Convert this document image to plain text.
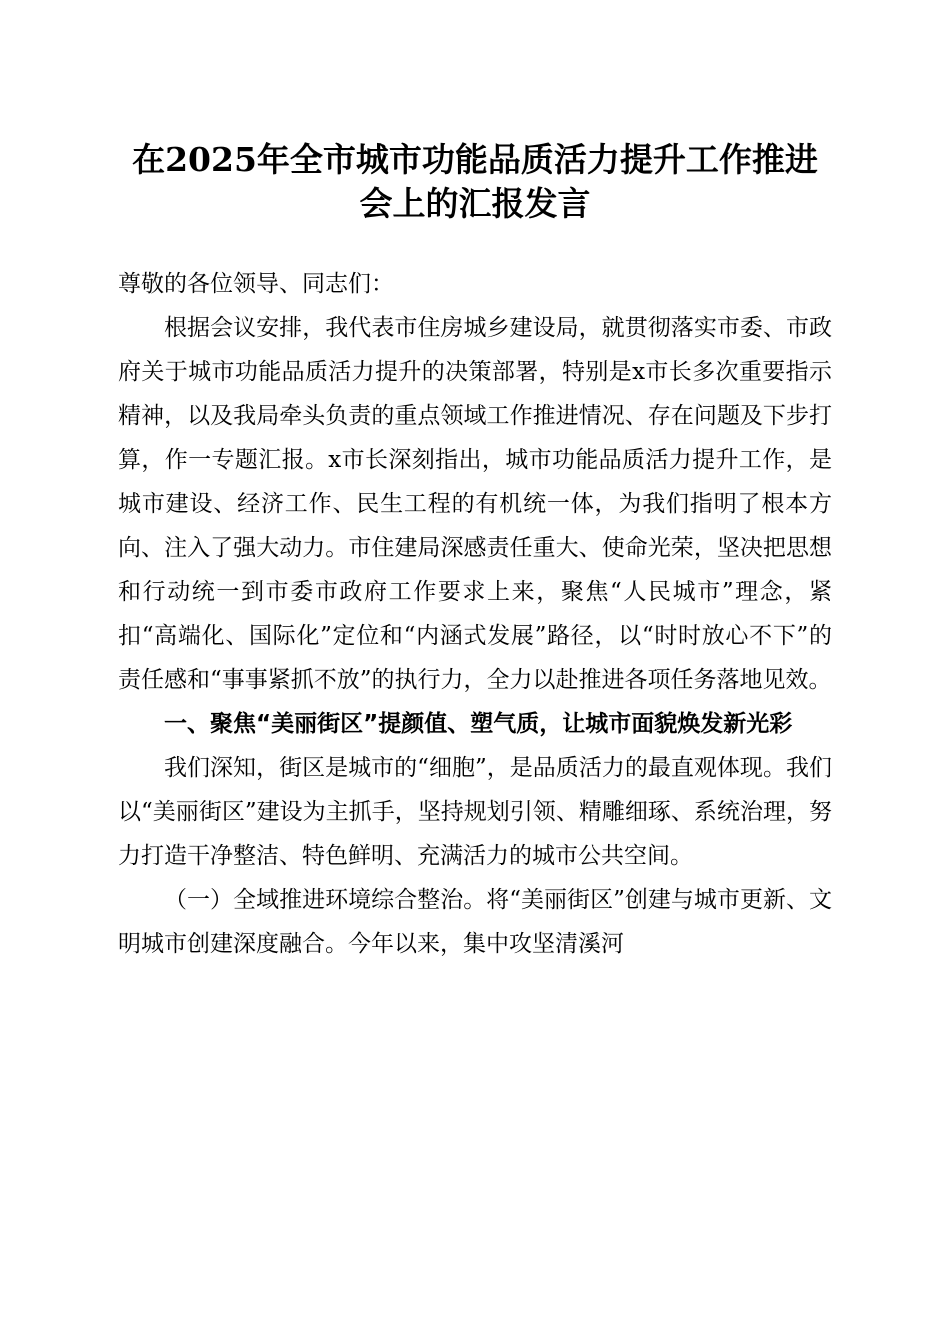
在2025年全市城市功能品质活力提升工作推进会上的汇报发言

尊敬的各位领导、同志们：

根据会议安排，我代表市住房城乡建设局，就贯彻落实市委、市政府关于城市功能品质活力提升的决策部署，特别是x市长多次重要指示精神，以及我局牵头负责的重点领域工作推进情况、存在问题及下步打算，作一专题汇报。x市长深刻指出，城市功能品质活力提升工作，是城市建设、经济工作、民生工程的有机统一体，为我们指明了根本方向、注入了强大动力。市住建局深感责任重大、使命光荣，坚决把思想和行动统一到市委市政府工作要求上来，聚焦“人民城市”理念，紧扣“高端化、国际化”定位和“内涵式发展”路径，以“时时放心不下”的责任感和“事事紧抓不放”的执行力，全力以赴推进各项任务落地见效。

一、聚焦“美丽街区”提颜值、塑气质，让城市面貌焕发新光彩

我们深知，街区是城市的“细胞”，是品质活力的最直观体现。我们以“美丽街区”建设为主抓手，坚持规划引领、精雕细琢、系统治理，努力打造干净整洁、特色鲜明、充满活力的城市公共空间。

（一）全域推进环境综合整治。将“美丽街区”创建与城市更新、文明城市创建深度融合。今年以来，集中攻坚清溪河
